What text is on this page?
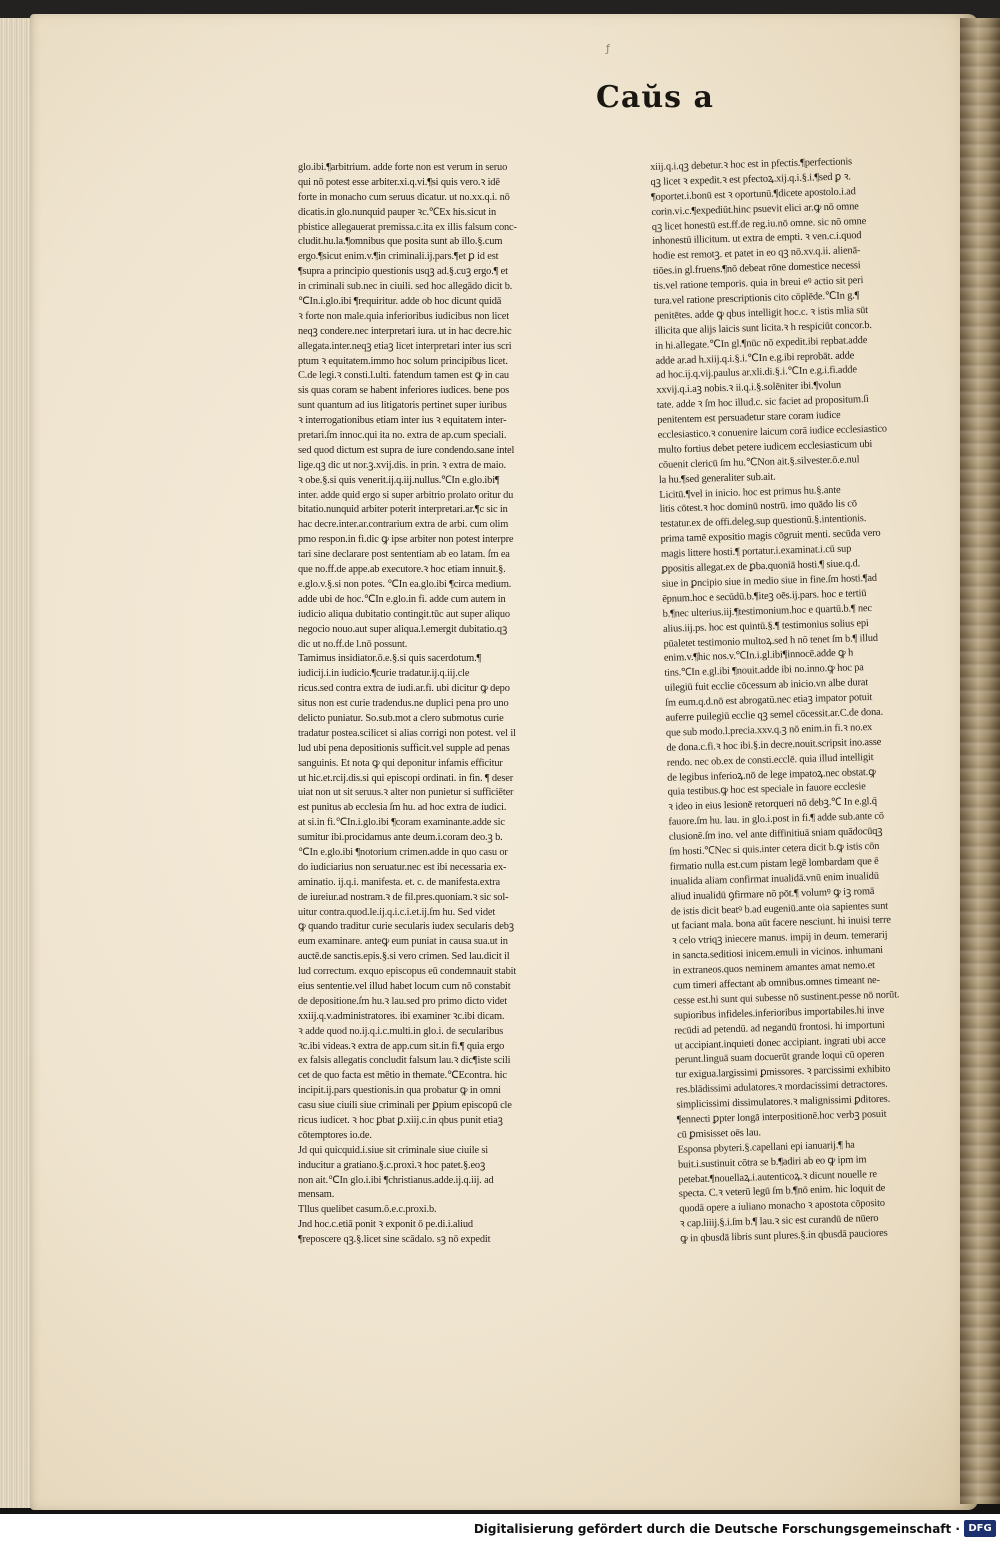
ƒ
Caŭs a
glo.ibi.¶arbitrium. adde forte non est verum in seruo
qui nō potest esse arbiter.xi.q.vi.¶si quis vero.ꝛ idē
forte in monacho cum seruus dicatur. ut no.xx.q.i. nō
dicatis.in glo.nunquid pauper ꝛc.℃Ex his.sicut in
pbistice allegauerat premissa.c.ita ex illis falsum conc-
cludit.hu.la.¶omnibus que posita sunt ab illo.§.cum
ergo.¶sicut enim.v.¶in criminali.ij.pars.¶et ꝑ id est
¶supra a principio questionis usqꝫ ad.§.cuꝫ ergo.¶ et
in criminali sub.nec in ciuili. sed hoc allegādo dicit b.
℃In.i.glo.ibi ¶requiritur. adde ob hoc dicunt quidā
ꝛ forte non male.quia inferioribus iudicibus non licet
neqꝫ condere.nec interpretari iura. ut in hac decre.hic
allegata.inter.neqꝫ etiaꝫ licet interpretari inter ius scri
ptum ꝛ equitatem.immo hoc solum principibus licet.
C.de legi.ꝛ consti.l.ulti. fatendum tamen est ꝙ in cau
sis quas coram se habent inferiores iudices. bene pos
sunt quantum ad ius litigatoris pertinet super iuribus
ꝛ interrogationibus etiam inter ius ꝛ equitatem inter-
pretari.ſm innoc.qui ita no. extra de ap.cum speciali.
sed quod dictum est supra de iure condendo.sane intel
lige.qꝫ dic ut nor.ꝫ.xvij.dis. in prin. ꝛ extra de maio.
ꝛ obe.§.si quis venerit.ij.q.iij.nullus.℃In e.glo.ibi¶
inter. adde quid ergo si super arbitrio prolato oritur du
bitatio.nunquid arbiter poterit interpretari.ar.¶c sic in
hac decre.inter.ar.contrarium extra de arbi. cum olim
pmo respon.in fi.dic ꝙ ipse arbiter non potest interpre
tari sine declarare post sententiam ab eo latam. ſm ea
que no.ff.de appe.ab executore.ꝛ hoc etiam innuit.§.
e.glo.v.§.si non potes. ℃In ea.glo.ibi ¶circa medium.
adde ubi de hoc.℃In e.glo.in fi. adde cum autem in
iudicio aliqua dubitatio contingit.tūc aut super aliquo
negocio nouo.aut super aliqua.l.emergit dubitatio.qꝫ
dic ut no.ff.de l.nō possunt.
Tamimus insidiator.ō.e.§.si quis sacerdotum.¶
iudicij.i.in iudicio.¶curie tradatur.ij.q.iij.cle
ricus.sed contra extra de iudi.ar.fi. ubi dicitur ꝙ depo
situs non est curie tradendus.ne duplici pena pro uno
delicto puniatur. So.sub.mot a clero submotus curie
tradatur postea.scilicet si alias corrigi non potest. vel il
lud ubi pena depositionis sufficit.vel supple ad penas
sanguinis. Et nota ꝙ qui deponitur infamis efficitur
ut hic.et.rcij.dis.si qui episcopi ordinati. in fin. ¶ deser
uiat non ut sit seruus.ꝛ alter non punietur si sufficiēter
est punitus ab ecclesia ſm hu. ad hoc extra de iudici.
at si.in fi.℃In.i.glo.ibi ¶coram examinante.adde sic
sumitur ibi.procidamus ante deum.i.coram deo.ꝫ b.
℃In e.glo.ibi ¶notorium crimen.adde in quo casu or
do iudiciarius non seruatur.nec est ibi necessaria ex-
aminatio. ij.q.i. manifesta. et. c. de manifesta.extra
de iureiur.ad nostram.ꝛ de fil.pres.quoniam.ꝛ sic sol-
uitur contra.quod.le.ij.q.i.c.i.et.ij.ſm hu. Sed videt
ꝙ quando traditur curie secularis iudex secularis debꝫ
eum examinare. anteꝙ eum puniat in causa sua.ut in
auctē.de sanctis.epis.§.si vero crimen. Sed lau.dicit il
lud correctum. exquo episcopus eū condemnauit stabit
eius sententie.vel illud habet locum cum nō constabit
de depositione.ſm hu.ꝛ lau.sed pro primo dicto videt
xxiij.q.v.administratores. ibi examiner ꝛc.ibi dicam.
ꝛ adde quod no.ij.q.i.c.multi.in glo.i. de secularibus
ꝛc.ibi videas.ꝛ extra de app.cum sit.in fi.¶ quia ergo
ex falsis allegatis concludit falsum lau.ꝛ dic¶iste scili
cet de quo facta est mētio in themate.℃Econtra. hic
incipit.ij.pars questionis.in qua probatur ꝙ in omni
casu siue ciuili siue criminali per ꝑpium episcopū cle
ricus iudicet. ꝛ hoc ꝑbat ꝑ.xiij.c.in qbus punit etiaꝫ
cōtemptores io.de.
Jd qui quicquid.i.siue sit criminale siue ciuile si
inducitur a gratiano.§.c.proxi.ꝛ hoc patet.§.eoꝫ
non ait.℃In glo.i.ibi ¶christianus.adde.ij.q.iij. ad
mensam.
Tllus quelibet casum.ō.e.c.proxi.b.
Jnd hoc.c.etiā ponit ꝛ exponit ō pe.di.i.aliud
¶reposcere qꝫ.§.licet sine scādalo. sꝫ nō expedit
xiij.q.i.qꝫ debetur.ꝛ hoc est in pfectis.¶perfectionis
qꝫ licet ꝛ expedit.ꝛ est pfectoꝝ.xij.q.i.§.i.¶sed ꝑ ꝛ.
¶oportet.i.bonū est ꝛ oportunū.¶dicete apostolo.i.ad
corin.vi.c.¶expediūt.hinc psuevit elici ar.ꝙ nō omne
qꝫ licet honestū est.ff.de reg.iu.nō omne. sic nō omne
inhonestū illicitum. ut extra de empti. ꝛ ven.c.i.quod
hodie est remotꝫ. et patet in eo qꝫ nō.xv.q.ii. alienā-
tiōes.in gl.fruens.¶nō debeat rōne domestice necessi
tis.vel ratione temporis. quia in breui eꝰ actio sit peri
tura.vel ratione prescriptionis cito cōplēde.℃In g.¶
penitētes. adde ꝙ qbus intelligit hoc.c. ꝛ istis mlia sūt
illicita que alijs laicis sunt licita.ꝛ h respiciūt concor.b.
in hi.allegate.℃In gl.¶nūc nō expedit.ibi repbat.adde
adde ar.ad h.xiij.q.i.§.i.℃In e.g.ibi reprobāt. adde
ad hoc.ij.q.vij.paulus ar.xli.di.§.i.℃In e.g.i.fi.adde
xxvij.q.i.aꝫ nobis.ꝛ ii.q.i.§.solēniter ibi.¶volun
tate. adde ꝛ ſm hoc illud.c. sic faciet ad propositum.ſi
penitentem est persuadetur stare coram iudice
ecclesiastico.ꝛ conuenire laicum corā iudice ecclesiastico
multo fortius debet petere iudicem ecclesiasticum ubi
cōuenit clericū ſm hu.℃Non ait.§.silvester.ō.e.nul
la hu.¶sed generaliter sub.ait.
Licitū.¶vel in inicio. hoc est primus hu.§.ante
litis cōtest.ꝛ hoc dominū nostrū. imo quādo lis cō
testatur.ex de offi.deleg.sup questionū.§.intentionis.
prima tamē expositio magis cōgruit menti. secūda vero
magis littere hosti.¶ portatur.i.examinat.i.cū sup
ꝑpositis allegat.ex de ꝑba.quoniā hosti.¶ siue.q.d.
siue in ꝑncipio siue in medio siue in fine.ſm hosti.¶ad
ēpnum.hoc e secūdū.b.¶iteꝫ oēs.ij.pars. hoc e tertiū
b.¶nec ulterius.iij.¶testimonium.hoc e quartū.b.¶ nec
alius.iij.ps. hoc est quintū.§.¶ testimonius solius epi
pūaletet testimonio multoꝝ.sed h nō tenet ſm b.¶ illud
enim.v.¶hic nos.v.℃In.i.gl.ibi¶innocē.adde ꝙ h
tins.℃In e.gl.ibi ¶nouit.adde ibi no.inno.ꝙ hoc pa
uilegiū fuit ecclie cōcessum ab inicio.vn albe durat
ſm eum.q.d.nō est abrogatū.nec etiaꝫ impator potuit
auferre puilegiū ecclie qꝫ semel cōcessit.ar.C.de dona.
que sub modo.l.precia.xxv.q.ꝫ nō enim.in fi.ꝛ no.ex
de dona.c.fi.ꝛ hoc ibi.§.in decre.nouit.scripsit ino.asse
rendo. nec ob.ex de consti.ecclē. quia illud intelligit
de legibus inferioꝝ.nō de lege impatoꝝ.nec obstat.ꝙ
quia testibus.ꝙ hoc est speciale in fauore ecclesie
ꝛ ideo in eius lesionē retorqueri nō debꝫ.℃ In e.gl.q̄
fauore.ſm hu. lau. in glo.i.post in fi.¶ adde sub.ante cō
clusionē.ſm ino. vel ante diffinitiuā sniam quādocūqꝫ
ſm hosti.℃Nec si quis.inter cetera dicit b.ꝙ istis cōn
firmatio nulla est.cum pistam legē lombardam que ē
inualida aliam confirmat inualidā.vnū enim inualidū
aliud inualidū ꝯfirmare nō pōt.¶ volumꝰ ꝙ iꝫ romā
de istis dicit beatꝰ b.ad eugeniū.ante oia sapientes sunt
ut faciant mala. bona aūt facere nesciunt. hi inuisi terre
ꝛ celo vtriqꝫ iniecere manus. impij in deum. temerarij
in sancta.seditiosi inicem.emuli in vicinos. inhumani
in extraneos.quos neminem amantes amat nemo.et
cum timeri affectant ab omnibus.omnes timeant ne-
cesse est.hi sunt qui subesse nō sustinent.pesse nō norūt.
supioribus infideles.inferioribus importabiles.hi inve
recūdi ad petendū. ad negandū frontosi. hi importuni
ut accipiant.inquieti donec accipiant. ingrati ubi acce
perunt.linguā suam docuerūt grande loqui cū operen
tur exigua.largissimi ꝑmissores. ꝛ parcissimi exhibito
res.blādissimi adulatores.ꝛ mordacissimi detractores.
simplicissimi dissimulatores.ꝛ malignissimi ꝑditores.
¶ennecti ꝑpter longā interpositionē.hoc verbꝫ posuit
cū ꝑmisisset oēs lau.
Esponsa pbyteri.§.capellani epi ianuarij.¶ ha
buit.i.sustinuit cōtra se b.¶adiri ab eo ꝙ ipm im
petebat.¶nouellaꝝ.i.autenticoꝝ.ꝛ dicunt nouelle re
specta. C.ꝛ veterū legū ſm b.¶nō enim. hic loquit de
quodā opere a iuliano monacho ꝛ apostota cōposito
ꝛ cap.liiij.§.i.ſm b.¶ lau.ꝛ sic est curandū de nūero
ꝙ in qbusdā libris sunt plures.§.in qbusdā pauciores
Digitalisierung gefördert durch die Deutsche Forschungsgemeinschaft · DFG
